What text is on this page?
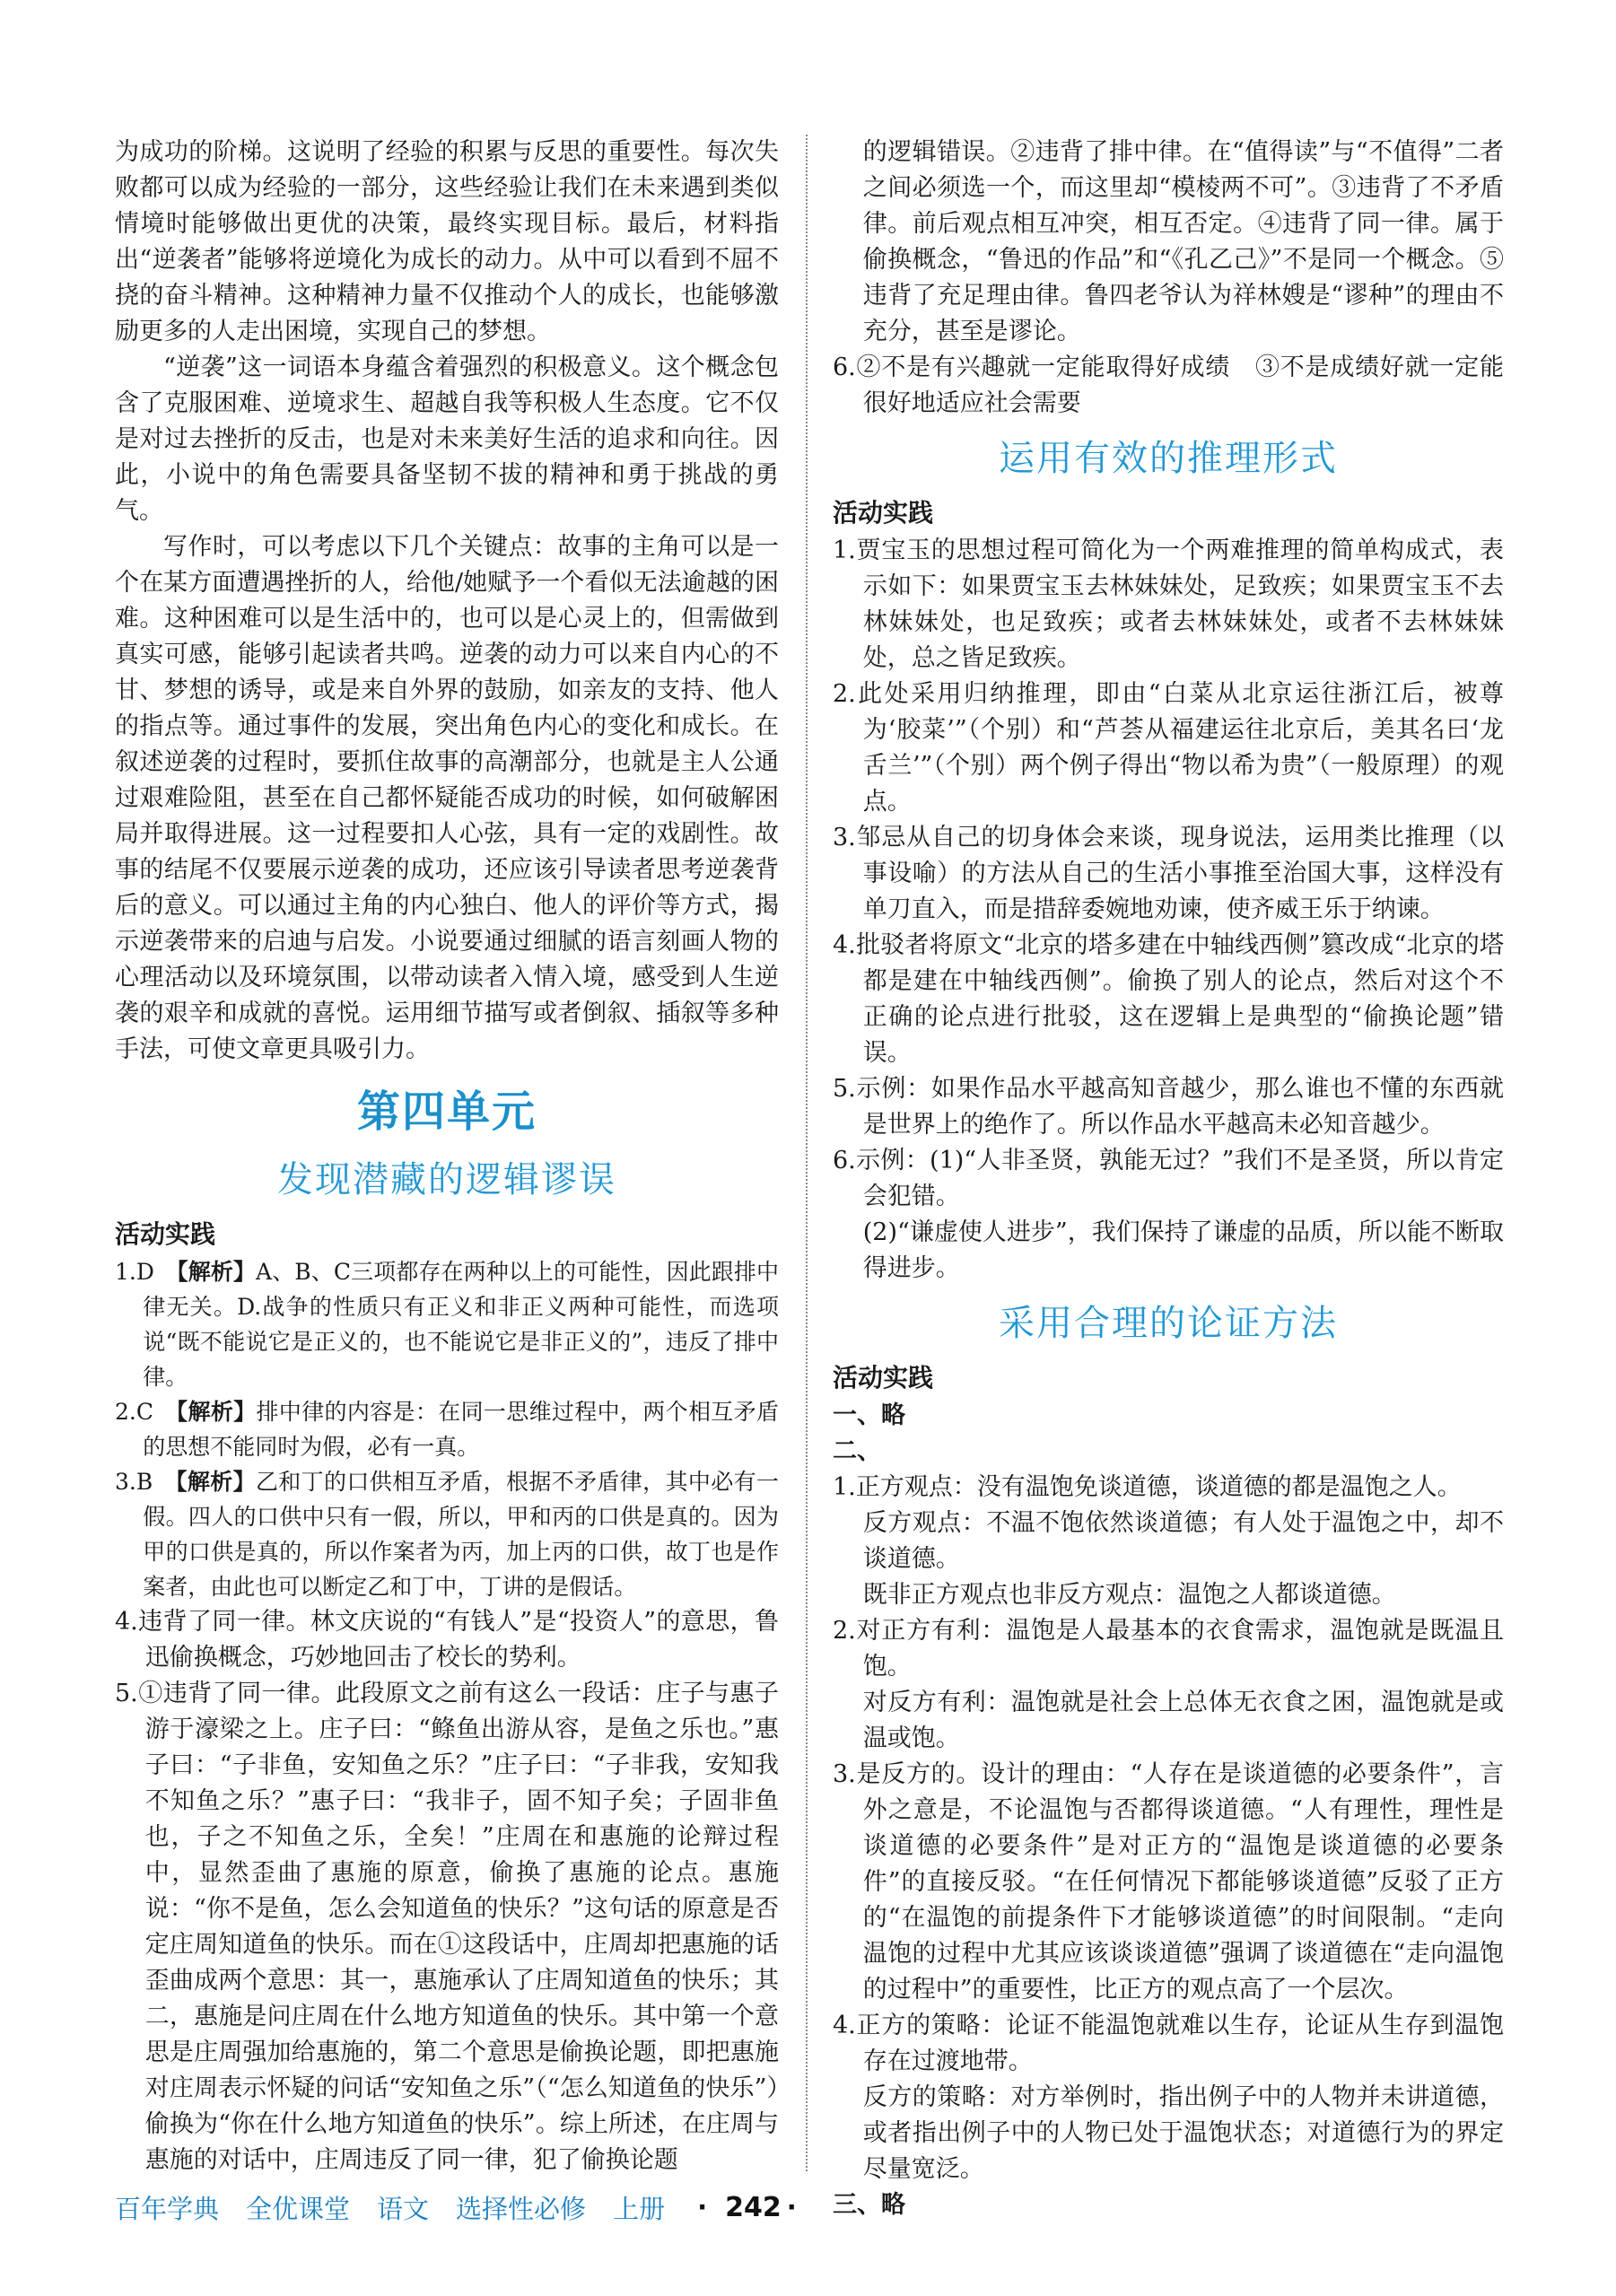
为成功的阶梯。这说明了经验的积累与反思的重要性。每次失败都可以成为经验的一部分，这些经验让我们在未来遇到类似情境时能够做出更优的决策，最终实现目标。最后，材料指出“逆袭者”能够将逆境化为成长的动力。从中可以看到不屈不挠的奋斗精神。这种精神力量不仅推动个人的成长，也能够激励更多的人走出困境，实现自己的梦想。

“逆袭”这一词语本身蕴含着强烈的积极意义。这个概念包含了克服困难、逆境求生、超越自我等积极人生态度。它不仅是对过去挫折的反击，也是对未来美好生活的追求和向往。因此，小说中的角色需要具备坚韧不拔的精神和勇于挑战的勇气。

写作时，可以考虑以下几个关键点：故事的主角可以是一个在某方面遭遇挫折的人，给他/她赋予一个看似无法逾越的困难。这种困难可以是生活中的，也可以是心灵上的，但需做到真实可感，能够引起读者共鸣。逆袭的动力可以来自内心的不甘、梦想的诱导，或是来自外界的鼓励，如亲友的支持、他人的指点等。通过事件的发展，突出角色内心的变化和成长。在叙述逆袭的过程时，要抓住故事的高潮部分，也就是主人公通过艰难险阻，甚至在自己都怀疑能否成功的时候，如何破解困局并取得进展。这一过程要扣人心弦，具有一定的戏剧性。故事的结尾不仅要展示逆袭的成功，还应该引导读者思考逆袭背后的意义。可以通过主角的内心独白、他人的评价等方式，揭示逆袭带来的启迪与启发。小说要通过细腻的语言刻画人物的心理活动以及环境氛围，以带动读者入情入境，感受到人生逆袭的艰辛和成就的喜悦。运用细节描写或者倒叙、插叙等多种手法，可使文章更具吸引力。

第四单元
发现潜藏的逻辑谬误
活动实践

1.D　 【解析】A、B、C三项都存在两种以上的可能性，因此跟排中律无关。D.战争的性质只有正义和非正义两种可能性，而选项说“既不能说它是正义的，也不能说它是非正义的”，违反了排中律。

2.C　 【解析】排中律的内容是：在同一思维过程中，两个相互矛盾的思想不能同时为假，必有一真。

3.B　 【解析】乙和丁的口供相互矛盾，根据不矛盾律，其中必有一假。四人的口供中只有一假，所以，甲和丙的口供是真的。因为甲的口供是真的，所以作案者为丙，加上丙的口供，故丁也是作案者，由此也可以断定乙和丁中，丁讲的是假话。

4.违背了同一律。林文庆说的“有钱人”是“投资人”的意思，鲁迅偷换概念，巧妙地回击了校长的势利。

5.①违背了同一律。此段原文之前有这么一段话：庄子与惠子游于濠梁之上。庄子曰：“鲦鱼出游从容，是鱼之乐也。”惠子曰：“子非鱼，安知鱼之乐？”庄子曰：“子非我，安知我不知鱼之乐？”惠子曰：“我非子，固不知子矣；子固非鱼也，子之不知鱼之乐，全矣！”庄周在和惠施的论辩过程中，显然歪曲了惠施的原意，偷换了惠施的论点。惠施说：“你不是鱼，怎么会知道鱼的快乐？”这句话的原意是否定庄周知道鱼的快乐。而在①这段话中，庄周却把惠施的话歪曲成两个意思：其一，惠施承认了庄周知道鱼的快乐；其二，惠施是问庄周在什么地方知道鱼的快乐。其中第一个意思是庄周强加给惠施的，第二个意思是偷换论题，即把惠施对庄周表示怀疑的问话“安知鱼之乐”（“怎么知道鱼的快乐”）偷换为“你在什么地方知道鱼的快乐”。综上所述，在庄周与惠施的对话中，庄周违反了同一律，犯了偷换论题

的逻辑错误。②违背了排中律。在“值得读”与“不值得”二者之间必须选一个，而这里却“模棱两不可”。③违背了不矛盾律。前后观点相互冲突，相互否定。④违背了同一律。属于偷换概念，“鲁迅的作品”和“《孔乙己》”不是同一个概念。⑤违背了充足理由律。鲁四老爷认为祥林嫂是“谬种”的理由不充分，甚至是谬论。

6.②不是有兴趣就一定能取得好成绩　③不是成绩好就一定能很好地适应社会需要

运用有效的推理形式
活动实践

1.贾宝玉的思想过程可简化为一个两难推理的简单构成式，表示如下：如果贾宝玉去林妹妹处，足致疾；如果贾宝玉不去林妹妹处，也足致疾；或者去林妹妹处，或者不去林妹妹处，总之皆足致疾。

2.此处采用归纳推理，即由“白菜从北京运往浙江后，被尊为‘胶菜’”（个别）和“芦荟从福建运往北京后，美其名曰‘龙舌兰’”（个别）两个例子得出“物以希为贵”（一般原理）的观点。

3.邹忌从自己的切身体会来谈，现身说法，运用类比推理（以事设喻）的方法从自己的生活小事推至治国大事，这样没有单刀直入，而是措辞委婉地劝谏，使齐威王乐于纳谏。

4.批驳者将原文“北京的塔多建在中轴线西侧”篡改成“北京的塔都是建在中轴线西侧”。偷换了别人的论点，然后对这个不正确的论点进行批驳，这在逻辑上是典型的“偷换论题”错误。

5.示例：如果作品水平越高知音越少，那么谁也不懂的东西就是世界上的绝作了。所以作品水平越高未必知音越少。

6.示例：(1)“人非圣贤，孰能无过？”我们不是圣贤，所以肯定会犯错。

(2)“谦虚使人进步”，我们保持了谦虚的品质，所以能不断取得进步。

采用合理的论证方法
活动实践

一、略

二、

1.正方观点：没有温饱免谈道德，谈道德的都是温饱之人。

反方观点：不温不饱依然谈道德；有人处于温饱之中，却不谈道德。

既非正方观点也非反方观点：温饱之人都谈道德。

2.对正方有利：温饱是人最基本的衣食需求，温饱就是既温且饱。

对反方有利：温饱就是社会上总体无衣食之困，温饱就是或温或饱。

3.是反方的。设计的理由：“人存在是谈道德的必要条件”，言外之意是，不论温饱与否都得谈道德。“人有理性，理性是谈道德的必要条件”是对正方的“温饱是谈道德的必要条件”的直接反驳。“在任何情况下都能够谈道德”反驳了正方的“在温饱的前提条件下才能够谈道德”的时间限制。“走向温饱的过程中尤其应该谈谈道德”强调了谈道德在“走向温饱的过程中”的重要性，比正方的观点高了一个层次。

4.正方的策略：论证不能温饱就难以生存，论证从生存到温饱存在过渡地带。

反方的策略：对方举例时，指出例子中的人物并未讲道德，或者指出例子中的人物已处于温饱状态；对道德行为的界定尽量宽泛。

三、略

百年学典 全优课堂 语文 选择性必修 上册 · 242 ·
